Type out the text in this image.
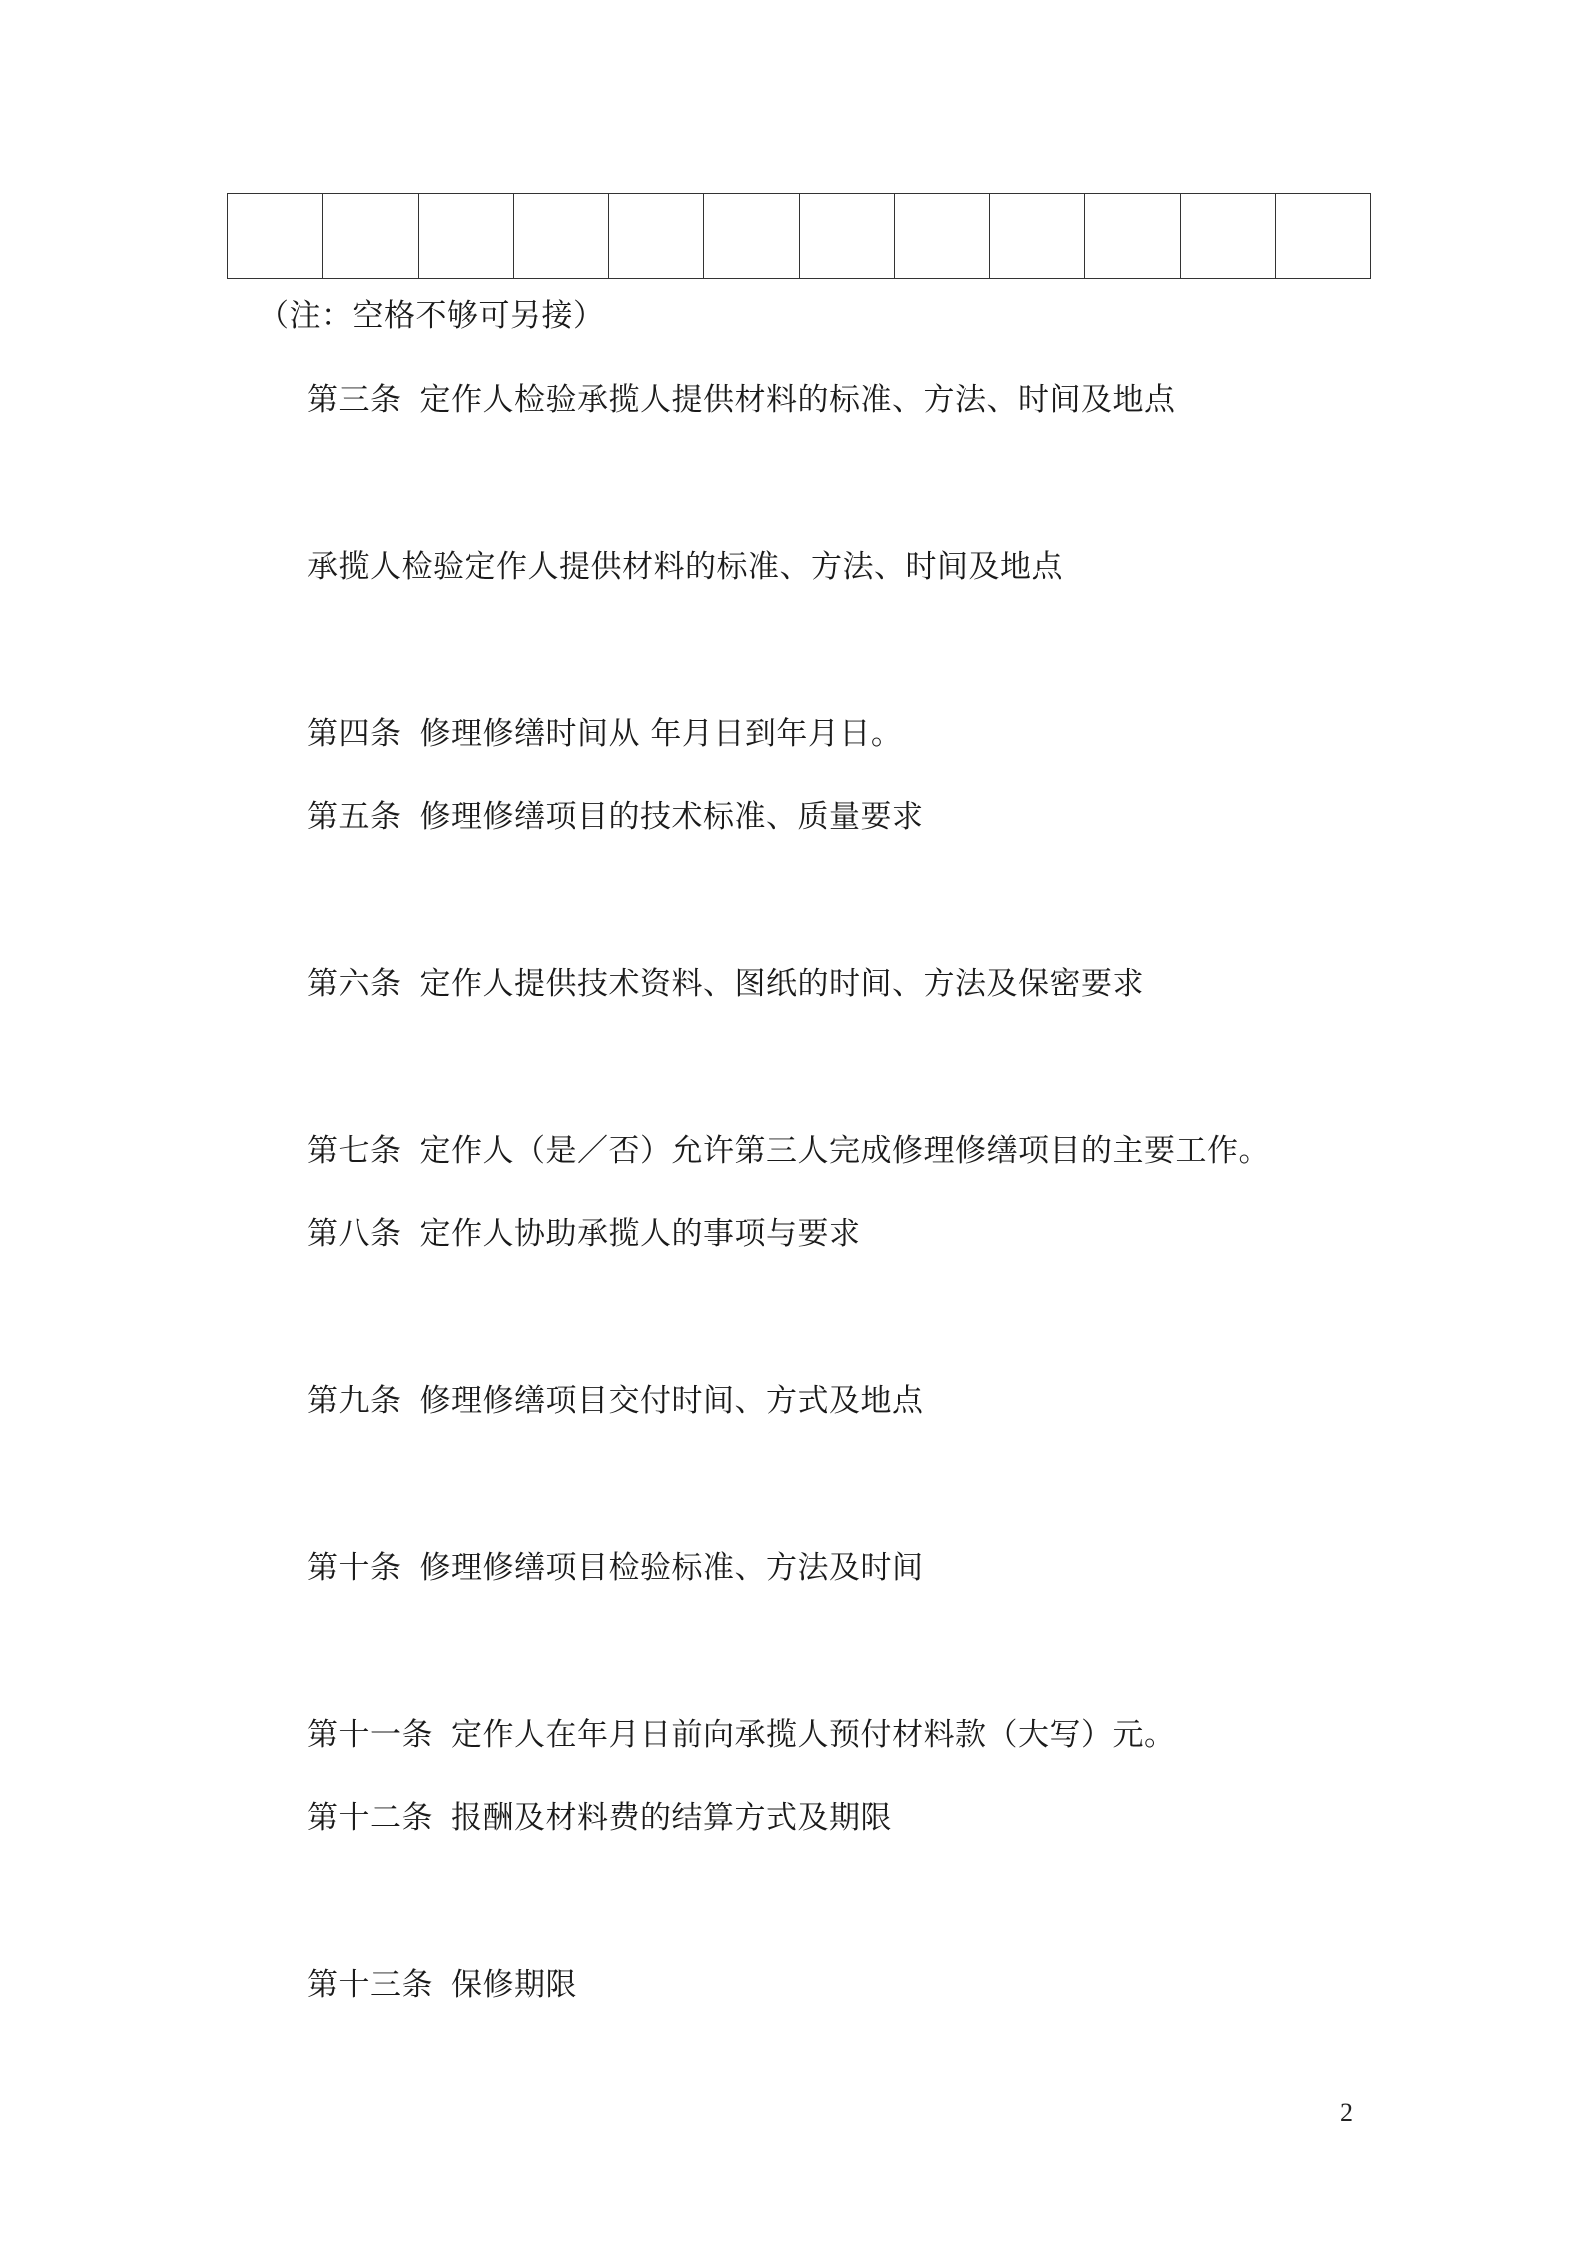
（注：空格不够可另接）
第三条 定作人检验承揽人提供材料的标准、方法、时间及地点
承揽人检验定作人提供材料的标准、方法、时间及地点
第四条 修理修缮时间从 年月日到年月日。
第五条 修理修缮项目的技术标准、质量要求
第六条 定作人提供技术资料、图纸的时间、方法及保密要求
第七条 定作人（是／否）允许第三人完成修理修缮项目的主要工作。
第八条 定作人协助承揽人的事项与要求
第九条 修理修缮项目交付时间、方式及地点
第十条 修理修缮项目检验标准、方法及时间
第十一条 定作人在年月日前向承揽人预付材料款（大写）元。
第十二条 报酬及材料费的结算方式及期限
第十三条 保修期限
2
